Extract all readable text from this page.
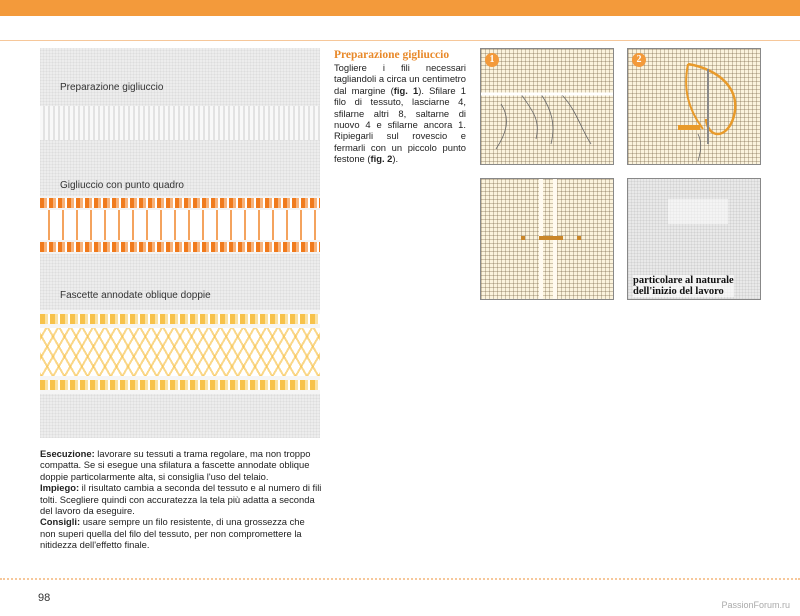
Preparazione gigliuccio
Gigliuccio con punto quadro
Fascette annodate oblique doppie

Esecuzione: lavorare su tessuti a trama regolare, ma non troppo compatta. Se si esegue una sfilatura a fascette annodate oblique doppie particolarmente alta, si consiglia l'uso del telaio.

Impiego: il risultato cambia a seconda del tessuto e al numero di fili tolti. Scegliere quindi con accuratezza la tela più adatta a seconda del lavoro da eseguire.

Consigli: usare sempre un filo resistente, di una grossezza che non superi quella del filo del tessuto, per non compromettere la nitidezza dell'effetto finale.

Preparazione gigliuccio
Togliere i fili necessari tagliandoli a circa un centimetro dal margine (fig. 1). Sfilare 1 filo di tessuto, lasciarne 4, sfilarne altri 8, saltarne di nuovo 4 e sfilarne ancora 1. Ripiegarli sul rovescio e fermarli con un piccolo punto festone (fig. 2).
1	2
particolare al naturale
dell'inizio del lavoro
98
PassionForum.ru
